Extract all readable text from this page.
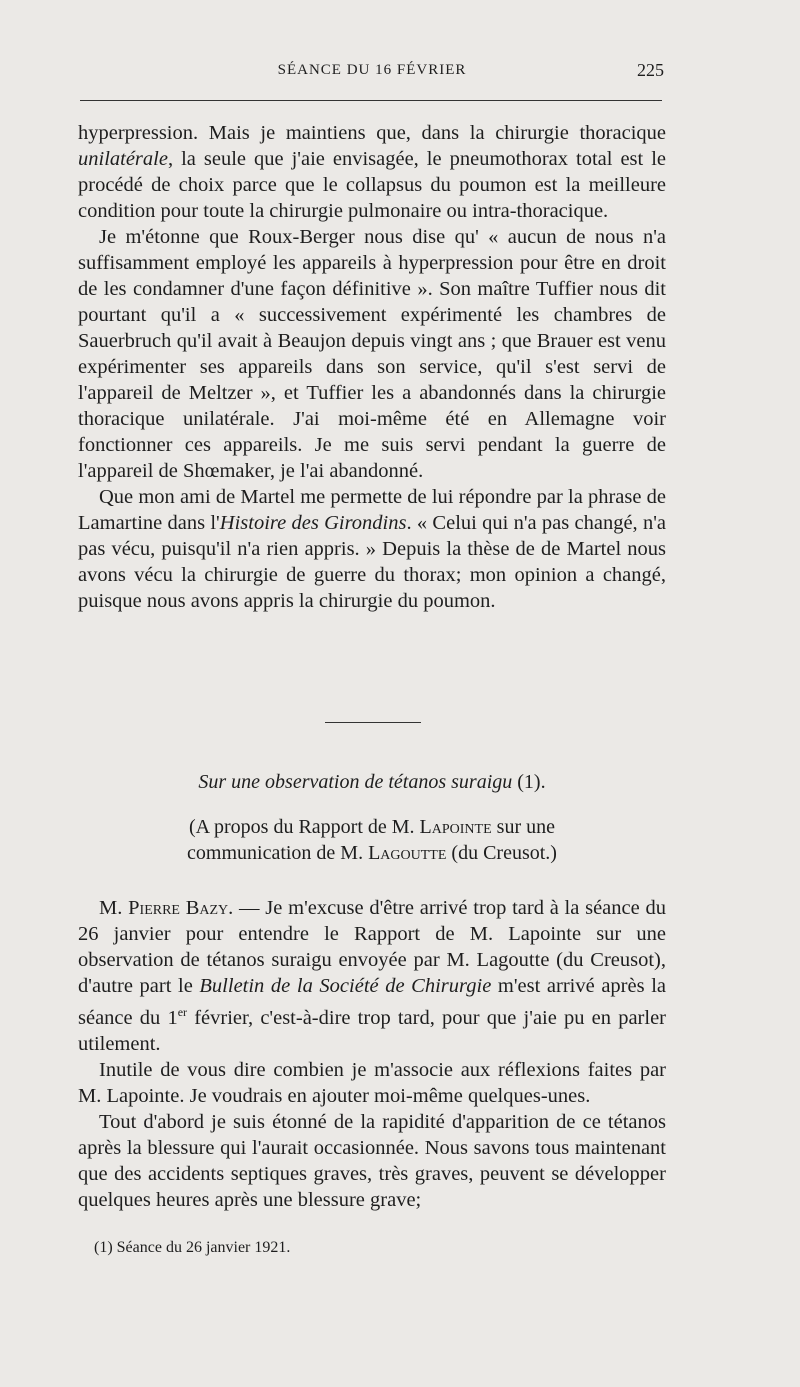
SÉANCE DU 16 FÉVRIER	225

hyperpression. Mais je maintiens que, dans la chirurgie thoracique unilatérale, la seule que j'aie envisagée, le pneumothorax total est le procédé de choix parce que le collapsus du poumon est la meilleure condition pour toute la chirurgie pulmonaire ou intra-thoracique.

Je m'étonne que Roux-Berger nous dise qu' « aucun de nous n'a suffisamment employé les appareils à hyperpression pour être en droit de les condamner d'une façon définitive ». Son maître Tuffier nous dit pourtant qu'il a « successivement expérimenté les chambres de Sauerbruch qu'il avait à Beaujon depuis vingt ans ; que Brauer est venu expérimenter ses appareils dans son service, qu'il s'est servi de l'appareil de Meltzer », et Tuffier les a abandonnés dans la chirurgie thoracique unilatérale. J'ai moi-même été en Allemagne voir fonctionner ces appareils. Je me suis servi pendant la guerre de l'appareil de Shœmaker, je l'ai abandonné.

Que mon ami de Martel me permette de lui répondre par la phrase de Lamartine dans l'Histoire des Girondins. « Celui qui n'a pas changé, n'a pas vécu, puisqu'il n'a rien appris. » Depuis la thèse de de Martel nous avons vécu la chirurgie de guerre du thorax; mon opinion a changé, puisque nous avons appris la chirurgie du poumon.

Sur une observation de tétanos suraigu (1).
(A propos du Rapport de M. Lapointe sur une communication de M. Lagoutte (du Creusot.)

M. Pierre Bazy. — Je m'excuse d'être arrivé trop tard à la séance du 26 janvier pour entendre le Rapport de M. Lapointe sur une observation de tétanos suraigu envoyée par M. Lagoutte (du Creusot), d'autre part le Bulletin de la Société de Chirurgie m'est arrivé après la séance du 1er février, c'est-à-dire trop tard, pour que j'aie pu en parler utilement.

Inutile de vous dire combien je m'associe aux réflexions faites par M. Lapointe. Je voudrais en ajouter moi-même quelques-unes.

Tout d'abord je suis étonné de la rapidité d'apparition de ce tétanos après la blessure qui l'aurait occasionnée. Nous savons tous maintenant que des accidents septiques graves, très graves, peuvent se développer quelques heures après une blessure grave;

(1) Séance du 26 janvier 1921.
